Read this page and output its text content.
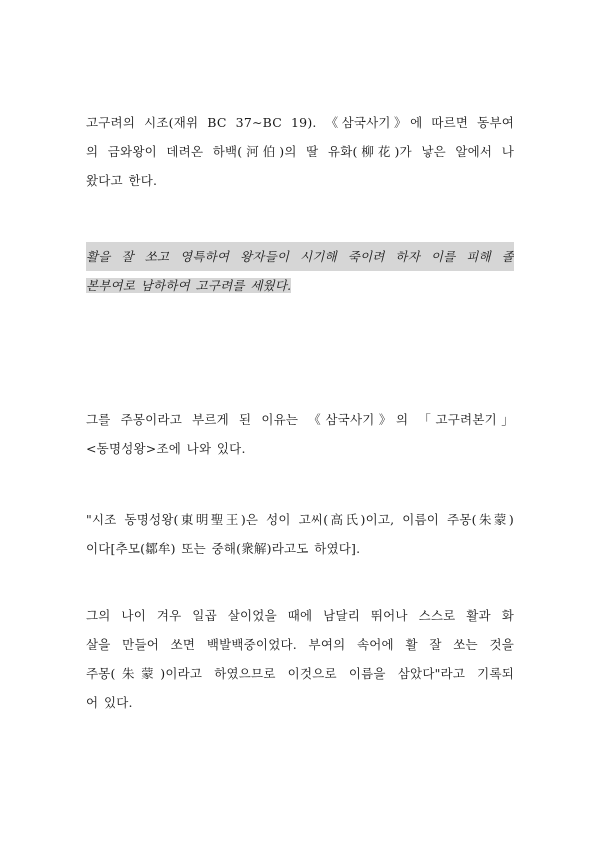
고구려의 시조(재위 BC 37∼BC 19). 《삼국사기》에 따르면 동부여
의 금와왕이 데려온 하백(河伯)의 딸 유화(柳花)가 낳은 알에서 나
왔다고 한다.
활을 잘 쏘고 영특하여 왕자들이 시기해 죽이려 하자 이를 피해 졸
본부여로 남하하여 고구려를 세웠다.
그를 주몽이라고 부르게 된 이유는 《삼국사기》의 「고구려본기」
<동명성왕>조에 나와 있다.
"시조 동명성왕(東明聖王)은 성이 고씨(高氏)이고, 이름이 주몽(朱蒙)
이다[추모(鄒牟) 또는 중해(衆解)라고도 하였다].
그의 나이 겨우 일곱 살이었을 때에 남달리 뛰어나 스스로 활과 화
살을 만들어 쏘면 백발백중이었다. 부여의 속어에 활 잘 쏘는 것을
주몽(朱蒙)이라고 하였으므로 이것으로 이름을 삼았다"라고 기록되
어 있다.
